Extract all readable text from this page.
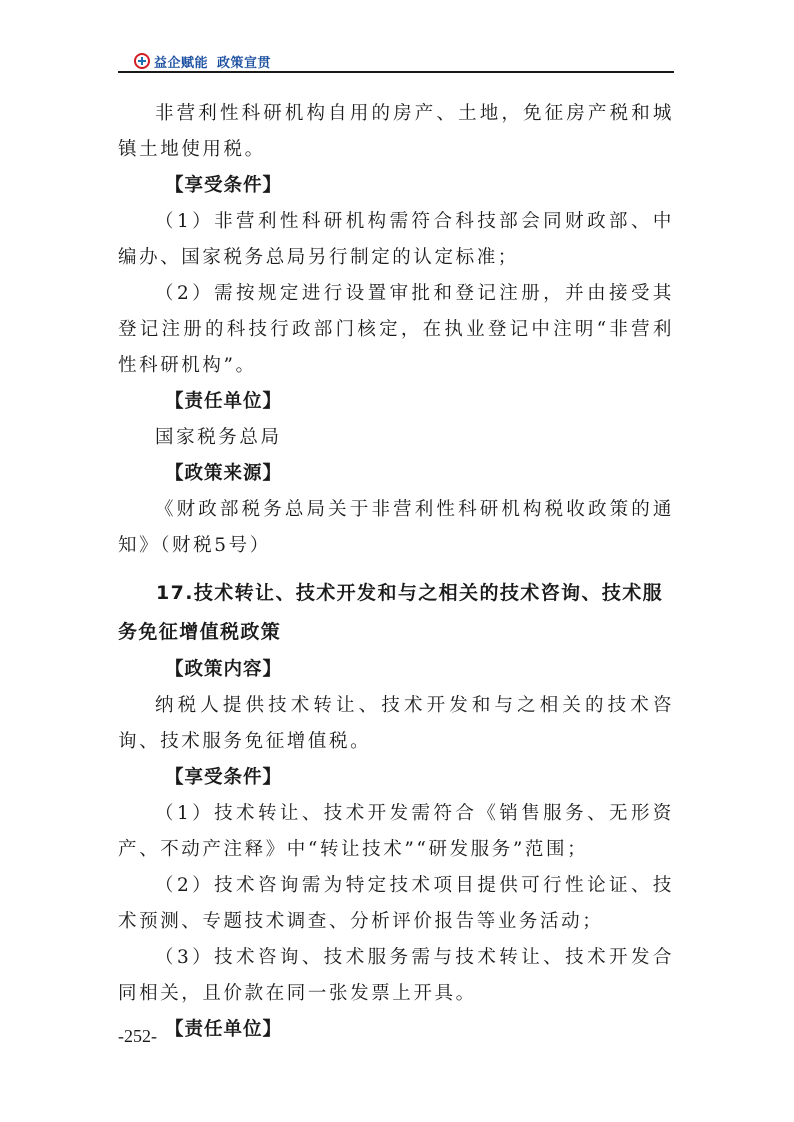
益企赋能 政策宣贯

非营利性科研机构自用的房产、土地，免征房产税和城镇土地使用税。

【享受条件】

（1）非营利性科研机构需符合科技部会同财政部、中编办、国家税务总局另行制定的认定标准；

（2）需按规定进行设置审批和登记注册，并由接受其登记注册的科技行政部门核定，在执业登记中注明“非营利性科研机构”。

【责任单位】

国家税务总局

【政策来源】

《财政部税务总局关于非营利性科研机构税收政策的通知》（财税5号）

17.技术转让、技术开发和与之相关的技术咨询、技术服务免征增值税政策

【政策内容】

纳税人提供技术转让、技术开发和与之相关的技术咨询、技术服务免征增值税。

【享受条件】

（1）技术转让、技术开发需符合《销售服务、无形资产、不动产注释》中“转让技术”“研发服务”范围；

（2）技术咨询需为特定技术项目提供可行性论证、技术预测、专题技术调查、分析评价报告等业务活动；

（3）技术咨询、技术服务需与技术转让、技术开发合同相关，且价款在同一张发票上开具。

【责任单位】

-252-
